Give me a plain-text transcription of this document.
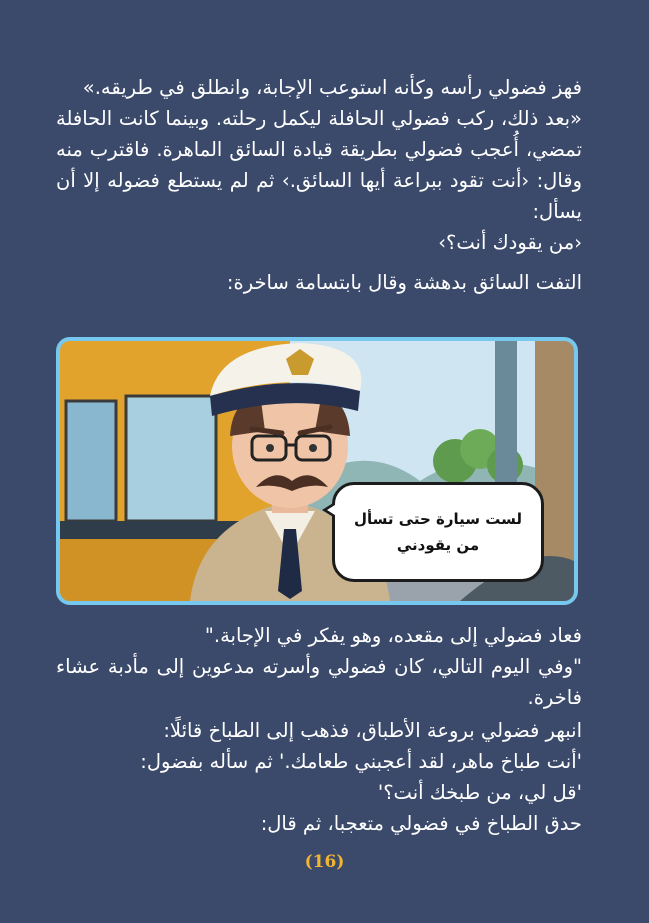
فهز فضولي رأسه وكأنه استوعب الإجابة، وانطلق في طريقه.»
«بعد ذلك، ركب فضولي الحافلة ليكمل رحلته. وبينما كانت الحافلة تمضي، أُعجب فضولي بطريقة قيادة السائق الماهرة. فاقترب منه وقال: ‹أنت تقود ببراعة أيها السائق.› ثم لم يستطع فضوله إلا أن يسأل:
‹من يقودك أنت؟›
التفت السائق بدهشة وقال بابتسامة ساخرة:
لست سيارة حتى تسأل
من يقودني
فعاد فضولي إلى مقعده، وهو يفكر في الإجابة."
"وفي اليوم التالي، كان فضولي وأسرته مدعوين إلى مأدبة عشاء فاخرة.
انبهر فضولي بروعة الأطباق، فذهب إلى الطباخ قائلًا:
'أنت طباخ ماهر، لقد أعجبني طعامك.' ثم سأله بفضول:
'قل لي، من طبخك أنت؟'
حدق الطباخ في فضولي متعجبا، ثم قال:
(16)
